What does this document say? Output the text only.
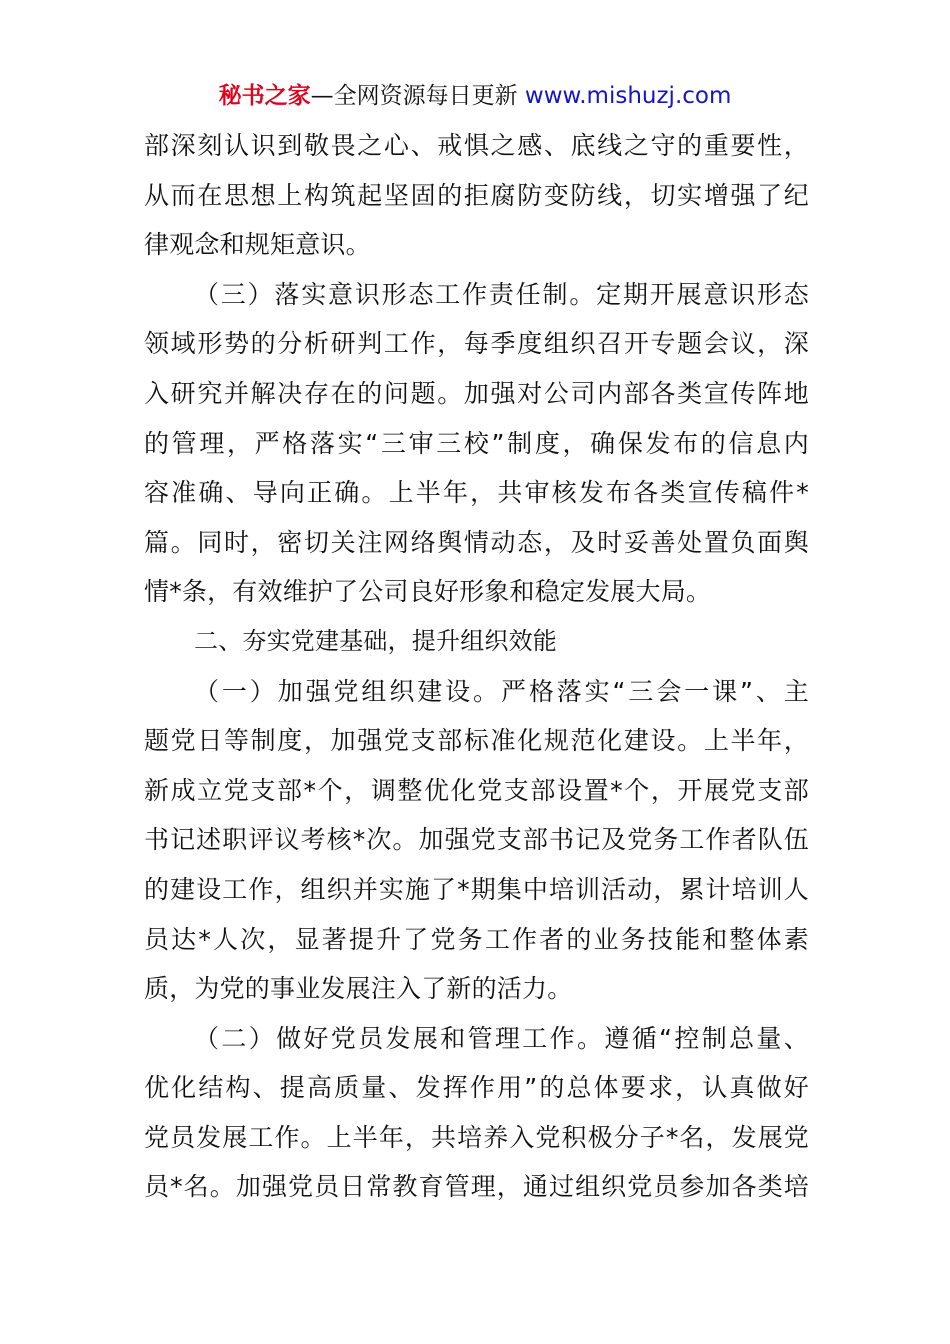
秘书之家—全网资源每日更新 www.mishuzj.com
部深刻认识到敬畏之心、戒惧之感、底线之守的重要性，
从而在思想上构筑起坚固的拒腐防变防线，切实增强了纪
律观念和规矩意识。
（三）落实意识形态工作责任制。定期开展意识形态
领域形势的分析研判工作，每季度组织召开专题会议，深
入研究并解决存在的问题。加强对公司内部各类宣传阵地
的管理，严格落实“三审三校”制度，确保发布的信息内
容准确、导向正确。上半年，共审核发布各类宣传稿件*
篇。同时，密切关注网络舆情动态，及时妥善处置负面舆
情*条，有效维护了公司良好形象和稳定发展大局。
二、夯实党建基础，提升组织效能
（一）加强党组织建设。严格落实“三会一课”、主
题党日等制度，加强党支部标准化规范化建设。上半年，
新成立党支部*个，调整优化党支部设置*个，开展党支部
书记述职评议考核*次。加强党支部书记及党务工作者队伍
的建设工作，组织并实施了*期集中培训活动，累计培训人
员达*人次，显著提升了党务工作者的业务技能和整体素
质，为党的事业发展注入了新的活力。
（二）做好党员发展和管理工作。遵循“控制总量、
优化结构、提高质量、发挥作用”的总体要求，认真做好
党员发展工作。上半年，共培养入党积极分子*名，发展党
员*名。加强党员日常教育管理，通过组织党员参加各类培
